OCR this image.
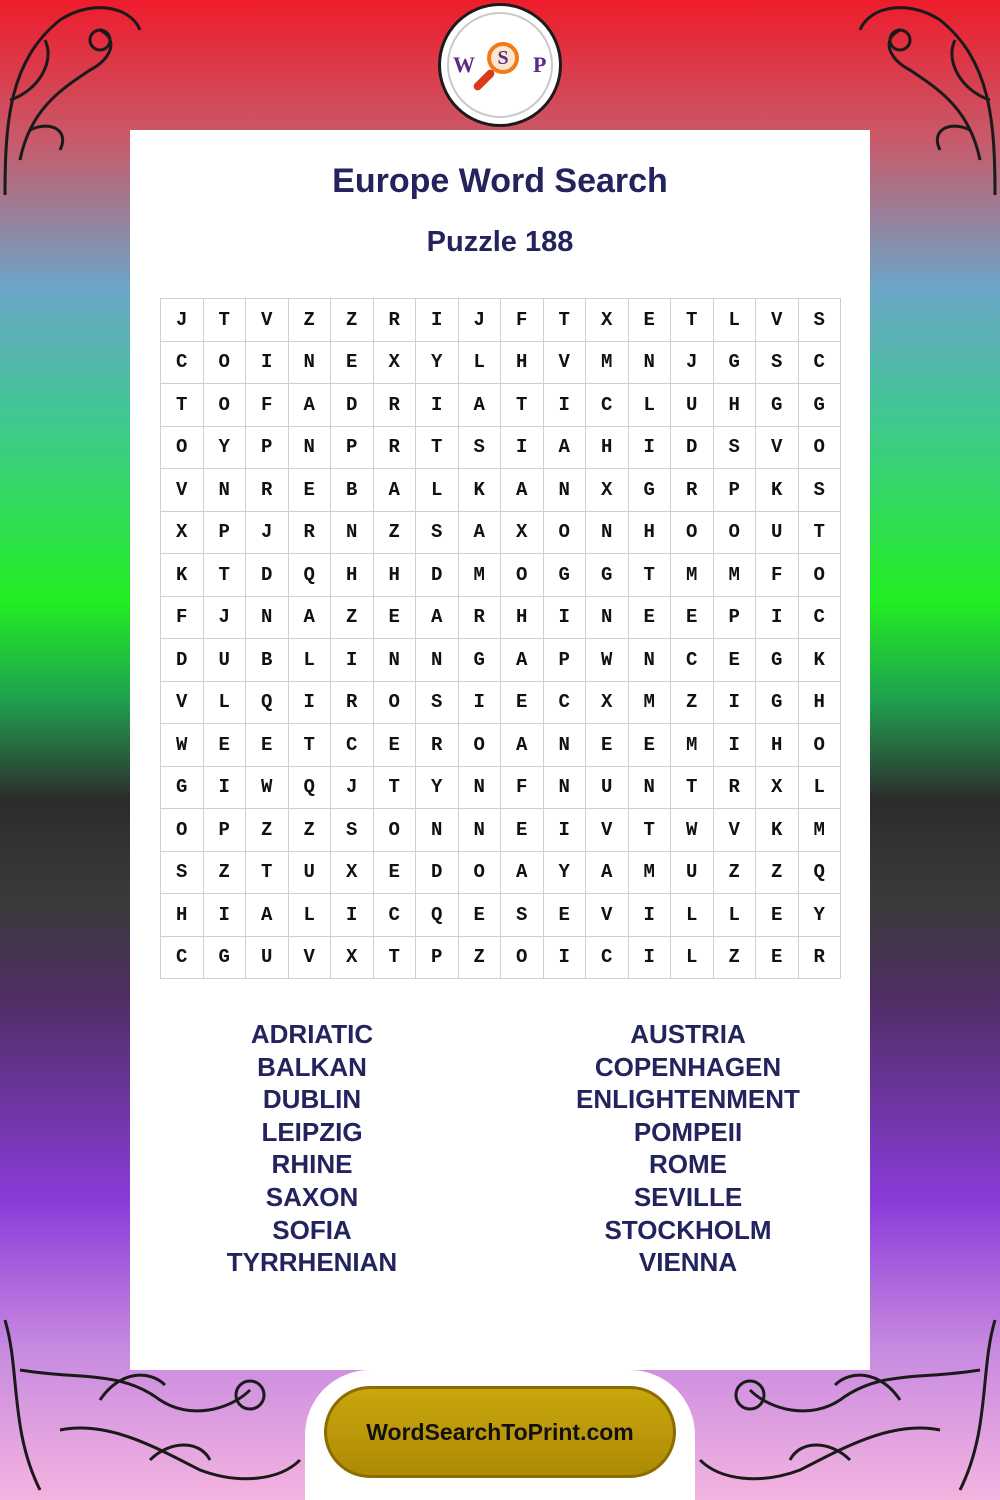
W S P
Europe Word Search
Puzzle 188
J	T	V	Z	Z	R	I	J	F	T	X	E	T	L	V	S
C	O	I	N	E	X	Y	L	H	V	M	N	J	G	S	C
T	O	F	A	D	R	I	A	T	I	C	L	U	H	G	G
O	Y	P	N	P	R	T	S	I	A	H	I	D	S	V	O
V	N	R	E	B	A	L	K	A	N	X	G	R	P	K	S
X	P	J	R	N	Z	S	A	X	O	N	H	O	O	U	T
K	T	D	Q	H	H	D	M	O	G	G	T	M	M	F	O
F	J	N	A	Z	E	A	R	H	I	N	E	E	P	I	C
D	U	B	L	I	N	N	G	A	P	W	N	C	E	G	K
V	L	Q	I	R	O	S	I	E	C	X	M	Z	I	G	H
W	E	E	T	C	E	R	O	A	N	E	E	M	I	H	O
G	I	W	Q	J	T	Y	N	F	N	U	N	T	R	X	L
O	P	Z	Z	S	O	N	N	E	I	V	T	W	V	K	M
S	Z	T	U	X	E	D	O	A	Y	A	M	U	Z	Z	Q
H	I	A	L	I	C	Q	E	S	E	V	I	L	L	E	Y
C	G	U	V	X	T	P	Z	O	I	C	I	L	Z	E	R
ADRIATIC
BALKAN
DUBLIN
LEIPZIG
RHINE
SAXON
SOFIA
TYRRHENIAN
AUSTRIA
COPENHAGEN
ENLIGHTENMENT
POMPEII
ROME
SEVILLE
STOCKHOLM
VIENNA
WordSearchToPrint.com
